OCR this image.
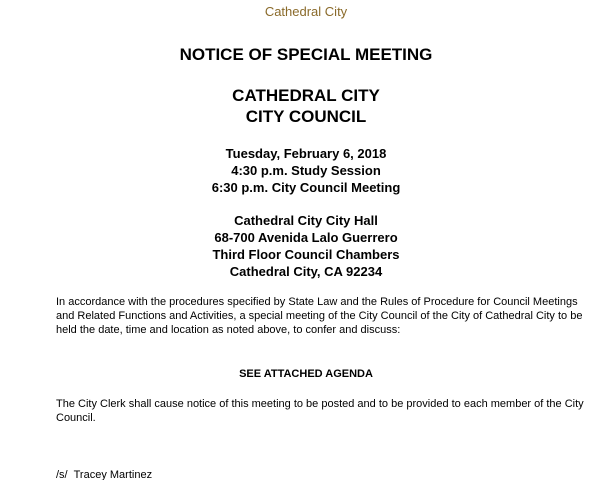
Cathedral City
NOTICE OF SPECIAL MEETING
CATHEDRAL CITY
CITY COUNCIL
Tuesday, February 6, 2018
4:30 p.m. Study Session
6:30 p.m. City Council Meeting
Cathedral City City Hall
68-700 Avenida Lalo Guerrero
Third Floor Council Chambers
Cathedral City, CA 92234
In accordance with the procedures specified by State Law and the Rules of Procedure for Council Meetings and Related Functions and Activities, a special meeting of the City Council of the City of Cathedral City to be held the date, time and location as noted above, to confer and discuss:
SEE ATTACHED AGENDA
The City Clerk shall cause notice of this meeting to be posted and to be provided to each member of the City Council.
/s/ Tracey Martinez
